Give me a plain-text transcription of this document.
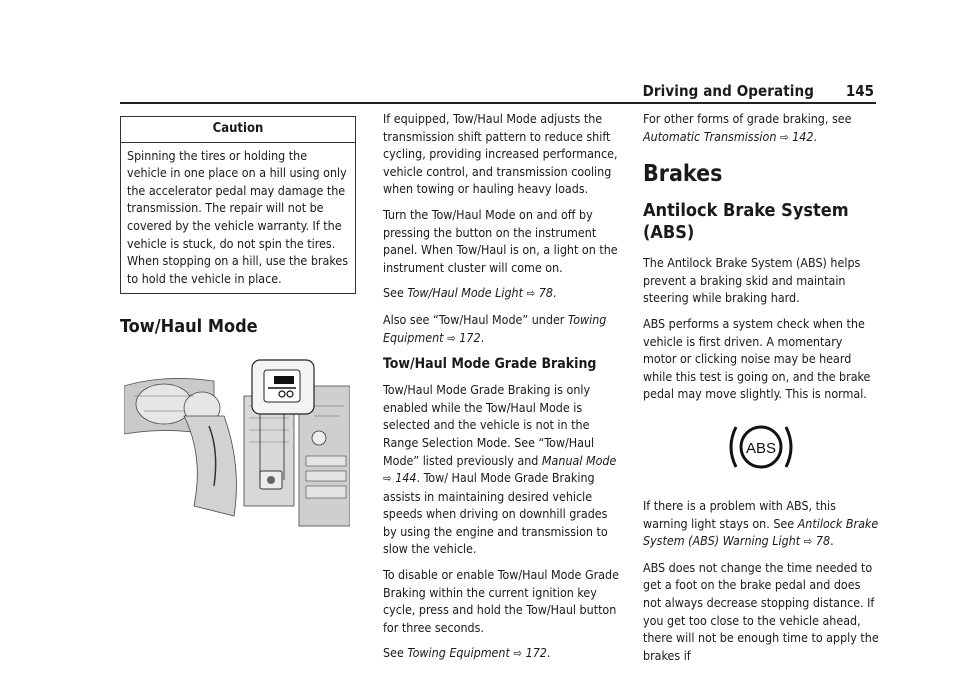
Driving and Operating 145
Caution
Spinning the tires or holding the vehicle in one place on a hill using only the accelerator pedal may damage the transmission. The repair will not be covered by the vehicle warranty. If the vehicle is stuck, do not spin the tires. When stopping on a hill, use the brakes to hold the vehicle in place.
Tow/Haul Mode

If equipped, Tow/Haul Mode adjusts the transmission shift pattern to reduce shift cycling, providing increased performance, vehicle control, and transmission cooling when towing or hauling heavy loads.

Turn the Tow/Haul Mode on and off by pressing the button on the instrument panel. When Tow/Haul is on, a light on the instrument cluster will come on.

See Tow/Haul Mode Light ⇨ 78.

Also see “Tow/Haul Mode” under Towing Equipment ⇨ 172.

Tow/Haul Mode Grade Braking

Tow/Haul Mode Grade Braking is only enabled while the Tow/Haul Mode is selected and the vehicle is not in the Range Selection Mode. See “Tow/Haul Mode” listed previously and Manual Mode ⇨ 144. Tow/ Haul Mode Grade Braking assists in maintaining desired vehicle speeds when driving on downhill grades by using the engine and transmission to slow the vehicle.

To disable or enable Tow/Haul Mode Grade Braking within the current ignition key cycle, press and hold the Tow/Haul button for three seconds.

See Towing Equipment ⇨ 172.

For other forms of grade braking, see Automatic Transmission ⇨ 142.

Brakes
Antilock Brake System (ABS)

The Antilock Brake System (ABS) helps prevent a braking skid and maintain steering while braking hard.

ABS performs a system check when the vehicle is first driven. A momentary motor or clicking noise may be heard while this test is going on, and the brake pedal may move slightly. This is normal.

ABS

If there is a problem with ABS, this warning light stays on. See Antilock Brake System (ABS) Warning Light ⇨ 78.

ABS does not change the time needed to get a foot on the brake pedal and does not always decrease stopping distance. If you get too close to the vehicle ahead, there will not be enough time to apply the brakes if
